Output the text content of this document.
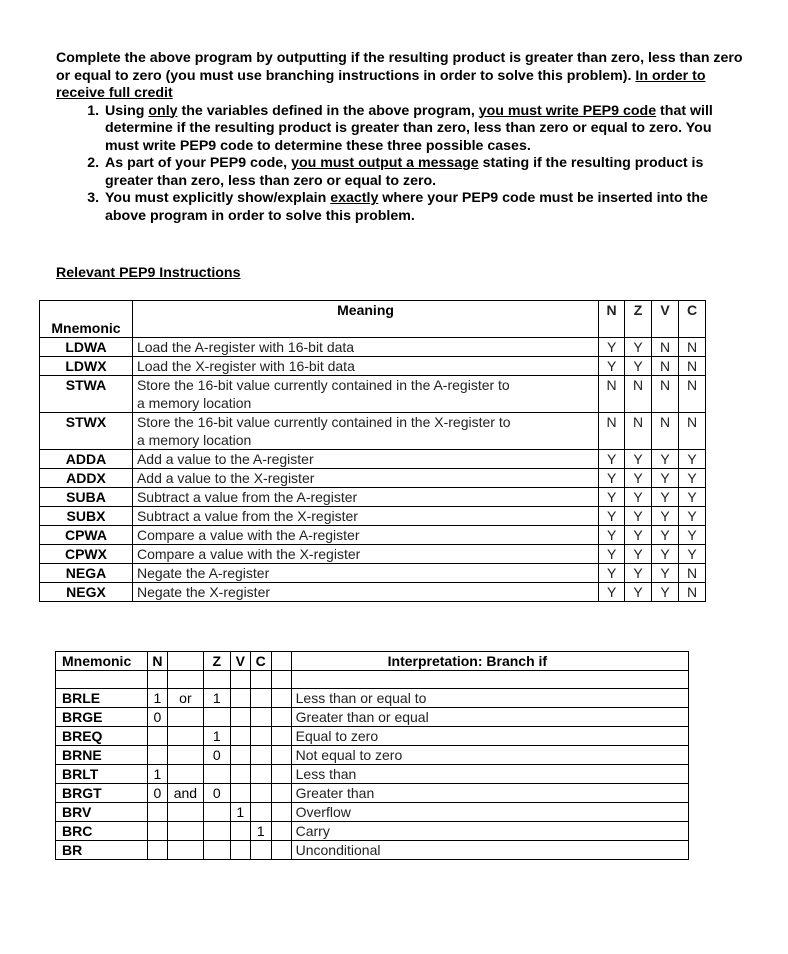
Complete the above program by outputting if the resulting product is greater than zero, less than zero or equal to zero (you must use branching instructions in order to solve this problem). In order to receive full credit

1. Using only the variables defined in the above program, you must write PEP9 code that will determine if the resulting product is greater than zero, less than zero or equal to zero. You must write PEP9 code to determine these three possible cases.
2. As part of your PEP9 code, you must output a message stating if the resulting product is greater than zero, less than zero or equal to zero.
3. You must explicitly show/explain exactly where your PEP9 code must be inserted into the above program in order to solve this problem.
Relevant PEP9 Instructions
	Meaning	N	Z	V	C
Mnemonic					
LDWA	Load the A-register with 16-bit data	Y	Y	N	N
LDWX	Load the X-register with 16-bit data	Y	Y	N	N
STWA	Store the 16-bit value currently contained in the A-register to
a memory location	N	N	N	N
STWX	Store the 16-bit value currently contained in the X-register to
a memory location	N	N	N	N
ADDA	Add a value to the A-register	Y	Y	Y	Y
ADDX	Add a value to the X-register	Y	Y	Y	Y
SUBA	Subtract a value from the A-register	Y	Y	Y	Y
SUBX	Subtract a value from the X-register	Y	Y	Y	Y
CPWA	Compare a value with the A-register	Y	Y	Y	Y
CPWX	Compare a value with the X-register	Y	Y	Y	Y
NEGA	Negate the A-register	Y	Y	Y	N
NEGX	Negate the X-register	Y	Y	Y	N
Mnemonic	N		Z	V	C		Interpretation: Branch if

BRLE	1	or	1				Less than or equal to
BRGE	0						Greater than or equal
BREQ			1				Equal to zero
BRNE			0				Not equal to zero
BRLT	1						Less than
BRGT	0	and	0				Greater than
BRV				1			Overflow
BRC					1		Carry
BR							Unconditional
